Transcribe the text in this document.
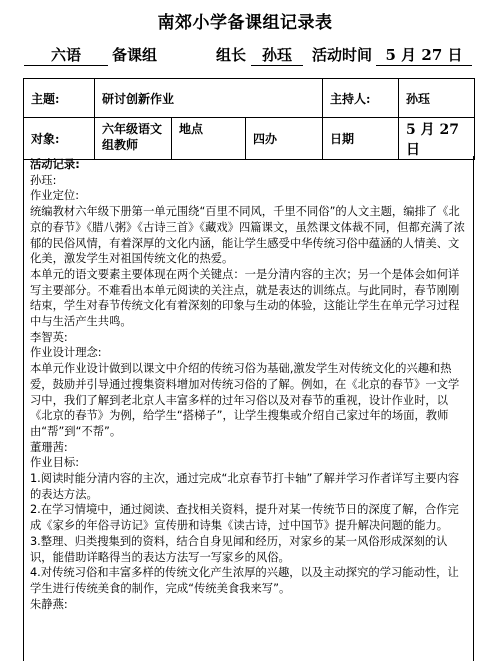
南郊小学备课组记录表
六语	备课组	组长	孙珏	活动时间 5 月 27 日
主题:	研讨创新作业			主持人:	孙珏
对象:	六年级语文组教师	地点	四办	日期	5 月 27 日

活动记录:

孙珏:

作业定位:

统编教材六年级下册第一单元围绕“百里不同风，千里不同俗”的人文主题，编排了《北京的春节》《腊八粥》《古诗三首》《藏戏》四篇课文，虽然课文体裁不同，但都充满了浓郁的民俗风情，有着深厚的文化内涵，能让学生感受中华传统习俗中蕴涵的人情美、文化美，激发学生对祖国传统文化的热爱。

本单元的语文要素主要体现在两个关键点：一是分清内容的主次；另一个是体会如何详写主要部分。不难看出本单元阅读的关注点，就是表达的训练点。与此同时，春节刚刚结束，学生对春节传统文化有着深刻的印象与生动的体验，这能让学生在单元学习过程中与生活产生共鸣。

李智英:

作业设计理念:

本单元作业设计做到以课文中介绍的传统习俗为基础,激发学生对传统文化的兴趣和热爱，鼓励并引导通过搜集资料增加对传统习俗的了解。例如，在《北京的春节》一文学习中，我们了解到老北京人丰富多样的过年习俗以及对春节的重视，设计作业时，以《北京的春节》为例，给学生“搭梯子”，让学生搜集或介绍自己家过年的场面，教师由“帮”到“不帮”。

董珊茜:

作业目标:

1.阅读时能分清内容的主次，通过完成“北京春节打卡轴”了解并学习作者详写主要内容的表达方法。

2.在学习情境中，通过阅读、查找相关资料，提升对某一传统节日的深度了解，合作完成《家乡的年俗寻访记》宣传册和诗集《读古诗，过中国节》提升解决问题的能力。

3.整理、归类搜集到的资料，结合自身见闻和经历，对家乡的某一风俗形成深刻的认识，能借助详略得当的表达方法写一写家乡的风俗。

4.对传统习俗和丰富多样的传统文化产生浓厚的兴趣，以及主动探究的学习能动性，让学生进行传统美食的制作，完成“传统美食我来写”。

朱静燕:
